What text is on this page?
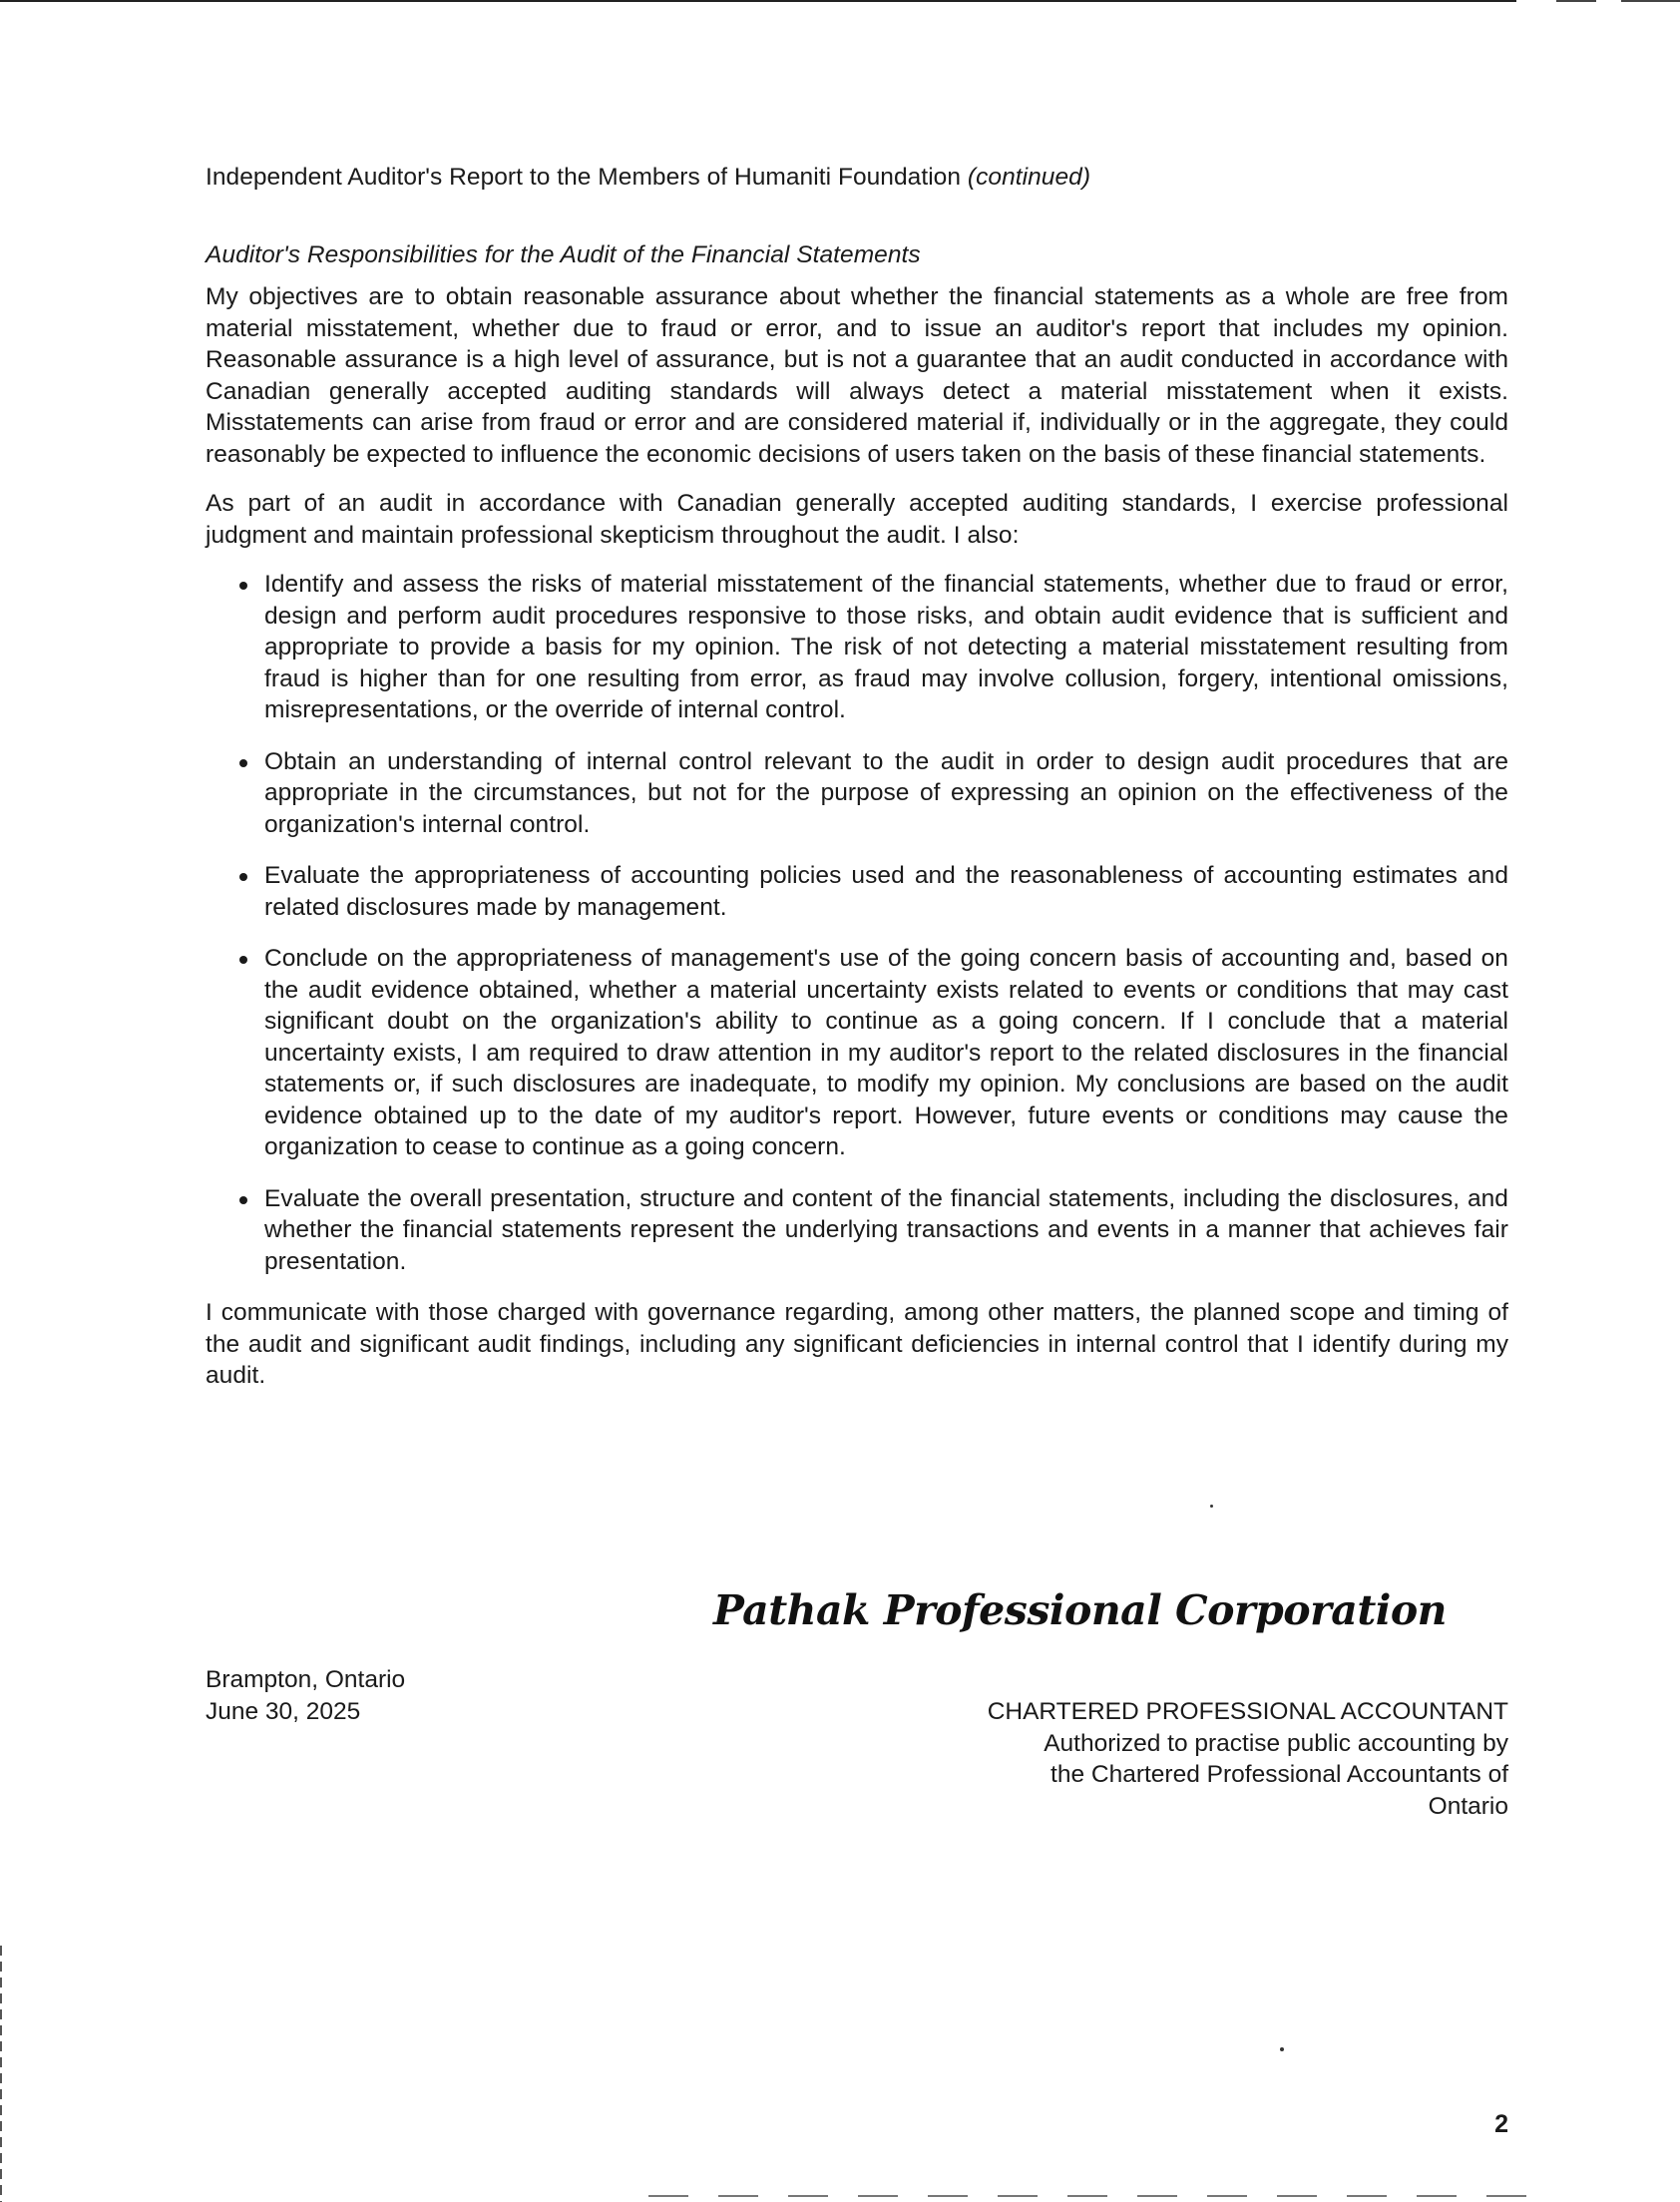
Independent Auditor's Report to the Members of Humaniti Foundation (continued)
Auditor's Responsibilities for the Audit of the Financial Statements

My objectives are to obtain reasonable assurance about whether the financial statements as a whole are free from material misstatement, whether due to fraud or error, and to issue an auditor's report that includes my opinion. Reasonable assurance is a high level of assurance, but is not a guarantee that an audit conducted in accordance with Canadian generally accepted auditing standards will always detect a material misstatement when it exists. Misstatements can arise from fraud or error and are considered material if, individually or in the aggregate, they could reasonably be expected to influence the economic decisions of users taken on the basis of these financial statements.

As part of an audit in accordance with Canadian generally accepted auditing standards, I exercise professional judgment and maintain professional skepticism throughout the audit. I also:

Identify and assess the risks of material misstatement of the financial statements, whether due to fraud or error, design and perform audit procedures responsive to those risks, and obtain audit evidence that is sufficient and appropriate to provide a basis for my opinion. The risk of not detecting a material misstatement resulting from fraud is higher than for one resulting from error, as fraud may involve collusion, forgery, intentional omissions, misrepresentations, or the override of internal control.
Obtain an understanding of internal control relevant to the audit in order to design audit procedures that are appropriate in the circumstances, but not for the purpose of expressing an opinion on the effectiveness of the organization's internal control.
Evaluate the appropriateness of accounting policies used and the reasonableness of accounting estimates and related disclosures made by management.
Conclude on the appropriateness of management's use of the going concern basis of accounting and, based on the audit evidence obtained, whether a material uncertainty exists related to events or conditions that may cast significant doubt on the organization's ability to continue as a going concern. If I conclude that a material uncertainty exists, I am required to draw attention in my auditor's report to the related disclosures in the financial statements or, if such disclosures are inadequate, to modify my opinion. My conclusions are based on the audit evidence obtained up to the date of my auditor's report. However, future events or conditions may cause the organization to cease to continue as a going concern.
Evaluate the overall presentation, structure and content of the financial statements, including the disclosures, and whether the financial statements represent the underlying transactions and events in a manner that achieves fair presentation.

I communicate with those charged with governance regarding, among other matters, the planned scope and timing of the audit and significant audit findings, including any significant deficiencies in internal control that I identify during my audit.

Pathak Professional Corporation
Brampton, Ontario
June 30, 2025	CHARTERED PROFESSIONAL ACCOUNTANT
Authorized to practise public accounting by
the Chartered Professional Accountants of
Ontario
2
